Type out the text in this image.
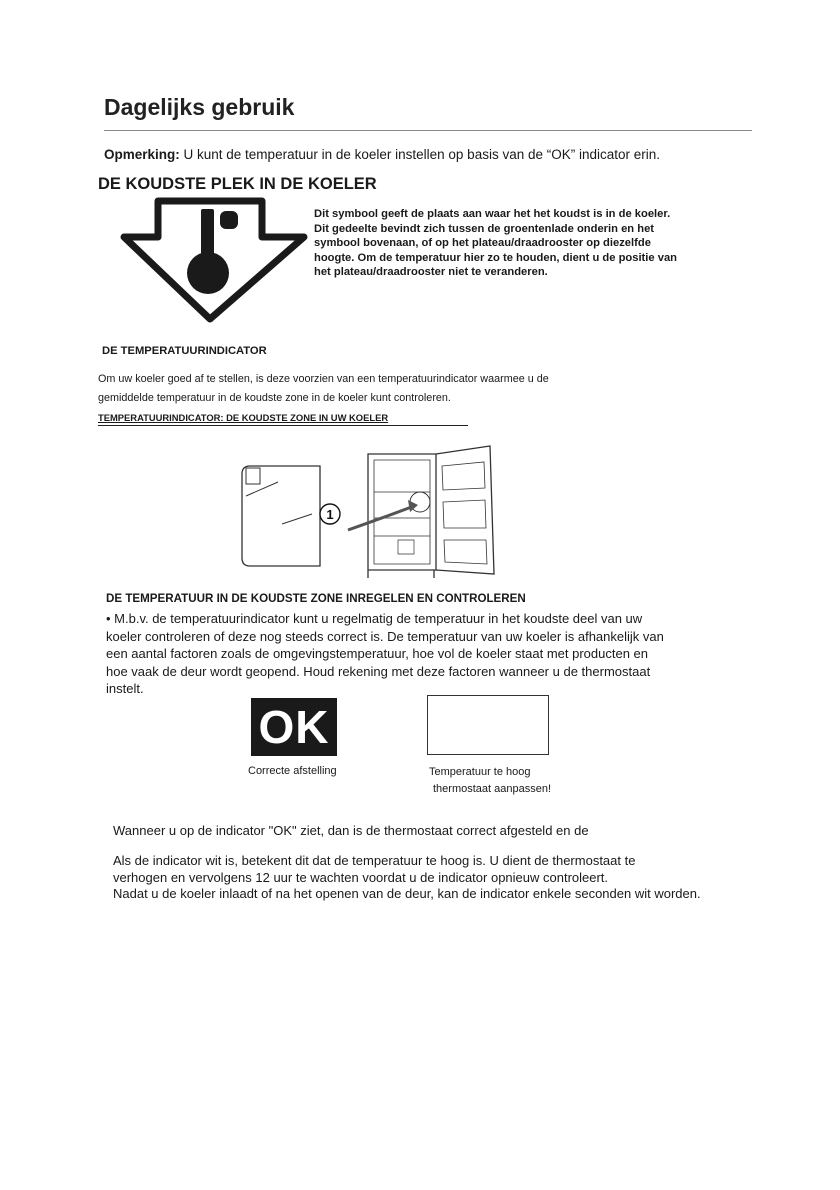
Dagelijks gebruik
Opmerking: U kunt de temperatuur in de koeler instellen op basis van de “OK” indicator erin.
DE KOUDSTE PLEK IN DE KOELER
Dit symbool geeft de plaats aan waar het het koudst is in de koeler.
Dit gedeelte bevindt zich tussen de groentenlade onderin en het
symbool bovenaan, of op het plateau/draadrooster op diezelfde
hoogte. Om de temperatuur hier zo te houden, dient u de positie van
het plateau/draadrooster niet te veranderen.
DE TEMPERATUURINDICATOR
Om uw koeler goed af te stellen, is deze voorzien van een temperatuurindicator waarmee u de
gemiddelde temperatuur in de koudste zone in de koeler kunt controleren.
TEMPERATUURINDICATOR: DE KOUDSTE ZONE IN UW KOELER
1
DE TEMPERATUUR IN DE KOUDSTE ZONE INREGELEN EN CONTROLEREN
• M.b.v. de temperatuurindicator kunt u regelmatig de temperatuur in het koudste deel van uw
koeler controleren of deze nog steeds correct is. De temperatuur van uw koeler is afhankelijk van
een aantal factoren zoals de omgevingstemperatuur, hoe vol de koeler staat met producten en
hoe vaak de deur wordt geopend. Houd rekening met deze factoren wanneer u de thermostaat
instelt.
OK
Correcte afstelling	Temperatuur te hoog
thermostaat aanpassen!
Wanneer u op de indicator "OK" ziet, dan is de thermostaat correct afgesteld en de
Als de indicator wit is, betekent dit dat de temperatuur te hoog is. U dient de thermostaat te
verhogen en vervolgens 12 uur te wachten voordat u de indicator opnieuw controleert.
Nadat u de koeler inlaadt of na het openen van de deur, kan de indicator enkele seconden wit worden.
